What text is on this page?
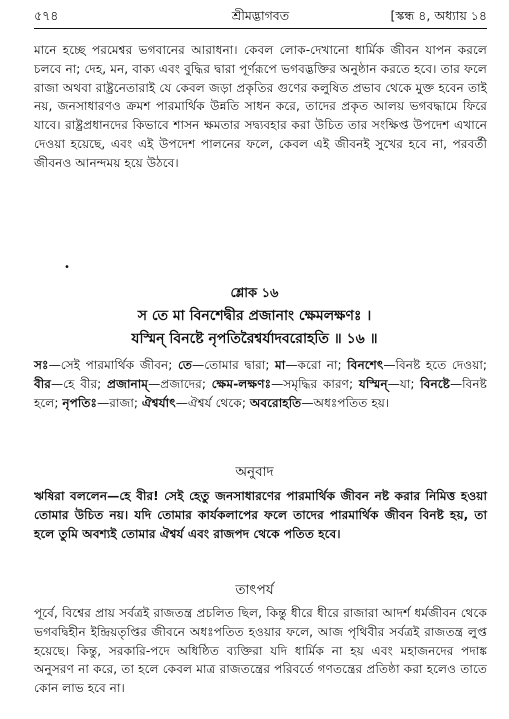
৫৭৪	শ্রীমদ্ভাগবত	[স্কন্ধ ৪, অধ্যায় ১৪

মানে হচ্ছে পরমেশ্বর ভগবানের আরাধনা। কেবল লোক-দেখানো ধার্মিক জীবন যাপন করলে চলবে না; দেহ, মন, বাক্য এবং বুদ্ধির দ্বারা পূর্ণরূপে ভগবদ্ভক্তির অনুষ্ঠান করতে হবে। তার ফলে রাজা অথবা রাষ্ট্রনেতারাই যে কেবল জড়া প্রকৃতির গুণের কলুষিত প্রভাব থেকে মুক্ত হবেন তাই নয়, জনসাধারণও ক্রমশ পারমার্থিক উন্নতি সাধন করে, তাদের প্রকৃত আলয় ভগবদ্ধামে ফিরে যাবে। রাষ্ট্রপ্রধানদের কিভাবে শাসন ক্ষমতার সদ্ব্যবহার করা উচিত তার সংক্ষিপ্ত উপদেশ এখানে দেওয়া হয়েছে, এবং এই উপদেশ পালনের ফলে, কেবল এই জীবনই সুখের হবে না, পরবর্তী জীবনও আনন্দময় হয়ে উঠবে।

•
শ্লোক ১৬
স তে মা বিনশেদ্বীর প্রজানাং ক্ষেমলক্ষণঃ ।
যস্মিন্ বিনষ্টে নৃপতিরৈশ্বর্যাদবরোহতি ॥ ১৬ ॥

সঃ—সেই পারমার্থিক জীবন; তে—তোমার দ্বারা; মা—করো না; বিনশেৎ—বিনষ্ট হতে দেওয়া; বীর—হে বীর; প্রজানাম্—প্রজাদের; ক্ষেম-লক্ষণঃ—সমৃদ্ধির কারণ; যস্মিন্—যা; বিনষ্টে—বিনষ্ট হলে; নৃপতিঃ—রাজা; ঐশ্বর্যাৎ—ঐশ্বর্য থেকে; অবরোহতি—অধঃপতিত হয়।

অনুবাদ

ঋষিরা বললেন—হে বীর! সেই হেতু জনসাধারণের পারমার্থিক জীবন নষ্ট করার নিমিত্ত হওয়া তোমার উচিত নয়। যদি তোমার কার্যকলাপের ফলে তাদের পারমার্থিক জীবন বিনষ্ট হয়, তা হলে তুমি অবশ্যই তোমার ঐশ্বর্য এবং রাজপদ থেকে পতিত হবে।

তাৎপর্য

পূর্বে, বিশ্বের প্রায় সর্বত্রই রাজতন্ত্র প্রচলিত ছিল, কিন্তু ধীরে ধীরে রাজারা আদর্শ ধর্মজীবন থেকে ভগবদ্বিহীন ইন্দ্রিয়তৃপ্তির জীবনে অধঃপতিত হওয়ার ফলে, আজ পৃথিবীর সর্বত্রই রাজতন্ত্র লুপ্ত হয়েছে। কিন্তু, সরকারি-পদে অধিষ্ঠিত ব্যক্তিরা যদি ধার্মিক না হয় এবং মহাজনদের পদাঙ্ক অনুসরণ না করে, তা হলে কেবল মাত্র রাজতন্ত্রের পরিবর্তে গণতন্ত্রের প্রতিষ্ঠা করা হলেও তাতে কোন লাভ হবে না।
